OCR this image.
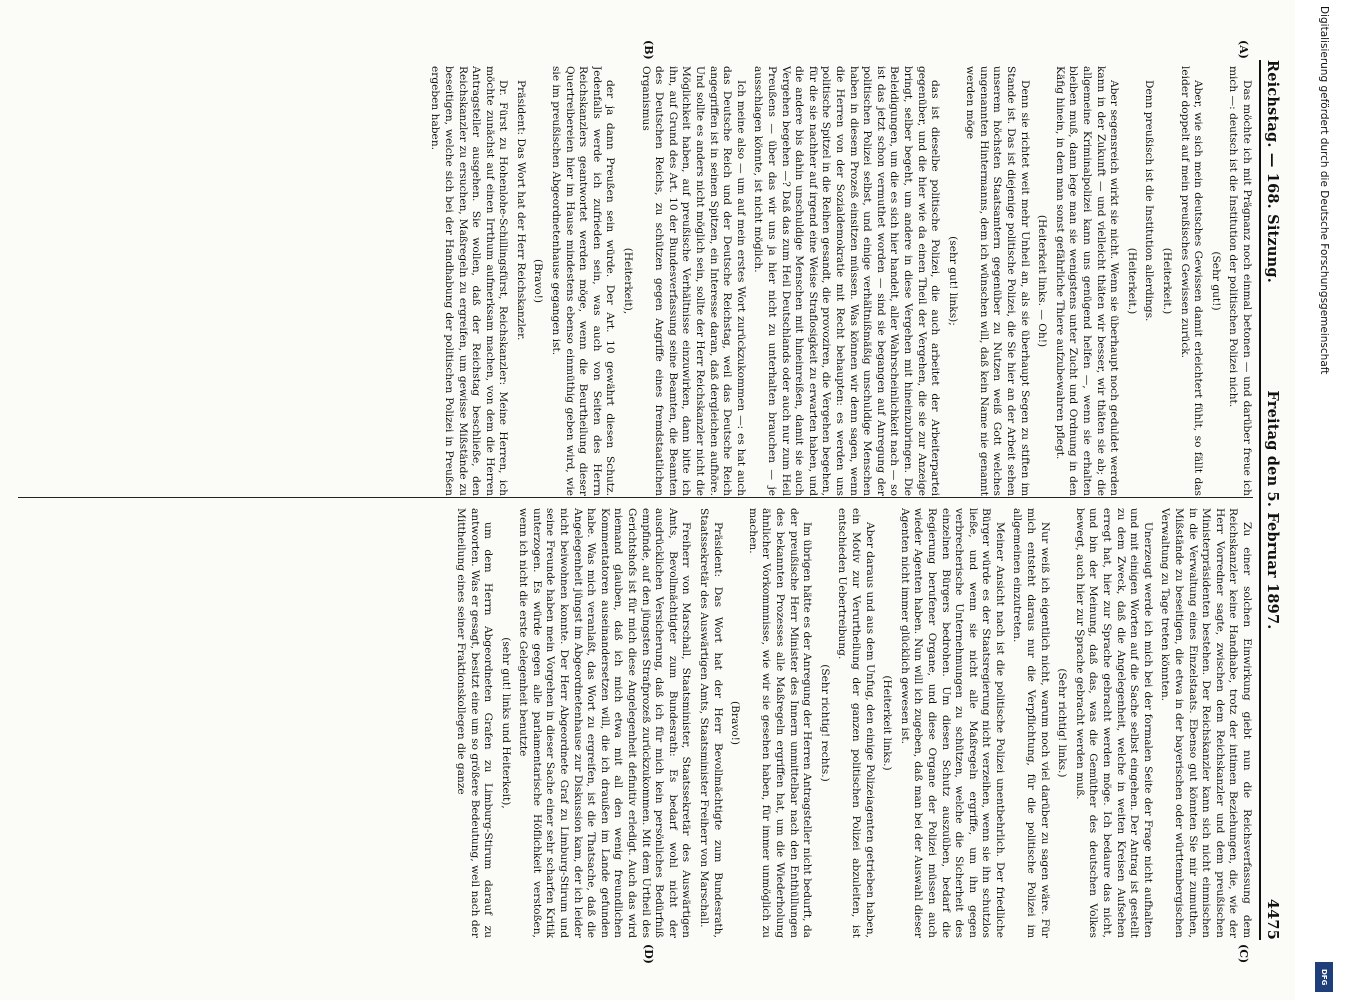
Reichstag. — 168. Sitzung.
Freitag den 5. Februar 1897.
4475
(A)
(B)
(C)
(D)

Das möchte ich mit Prägnanz noch einmal betonen — und darüber freue ich mich —: deutsch ist die Institution der politischen Polizei nicht.

(Sehr gut!)

Aber, wie sich mein deutsches Gewissen damit erleichtert fühlt, so fällt das leider doppelt auf mein preußisches Gewissen zurück.

(Heiterkeit.)

Denn preußisch ist die Institution allerdings.

(Heiterkeit.)

Aber segensreich wirkt sie nicht. Wenn sie überhaupt noch geduldet werden kann in der Zukunft — und vielleicht thäten wir besser, wir thäten sie ab; die allgemeine Kriminalpolizei kann uns genügend helfen —, wenn sie erhalten bleiben muß, dann lege man sie wenigstens unter Zucht und Ordnung in den Käfig hinein, in dem man sonst gefährliche Thiere aufzubewahren pflegt.

(Heiterkeit links. — Oh!)

Denn sie richtet weit mehr Unheil an, als sie überhaupt Segen zu stiften im Stande ist. Das ist diejenige politische Polizei, die Sie hier an der Arbeit sehen unserem höchsten Staatsamtern gegenüber zu Nutzen weiß Gott welches ungenannten Hintermanns, dem ich wünschen will, daß kein Name nie genannt werden möge

(sehr gut! links);

das ist dieselbe politische Polizei, die auch arbeitet der Arbeiterpartei gegenüber, und die hier wie da einen Theil der Vergehen, die sie zur Anzeige bringt, selber begeht, um andere in diese Vergehen mit hineinzubringen. Die Beleidigungen, um die es sich hier handelt, aller Wahrscheinlichkeit nach — so ist das jetzt schon vermuthet worden — sind sie begangen auf Anregung der politischen Polizei selbst, und einige verhältnißmäßig unschuldige Menschen haben in diesem Prozeß einsitzen müssen. Was können wir denn sagen, wenn die Herren von der Sozialdemokratie mit Recht behaupten: es werden uns politische Spitzel in die Reihen gesandt, die provoziren, die Vergehen begehen, für die sie nachher auf irgend eine Weise Straflosigkeit zu erwarten haben, und die andere bis dahin unschuldige Menschen mit hineinreißen, damit sie auch Vergehen begehen —? Daß das zum Heil Deutschlands oder auch nur zum Heil Preußens — über das wir uns ja hier nicht zu unterhalten brauchen — je ausschlagen könnte, ist nicht möglich.

Ich meine also — um auf mein erstes Wort zurückzukommen —: es hat auch das Deutsche Reich und der Deutsche Reichstag, weil das Deutsche Reich angegriffen ist in seinen Spitzen, ein Interesse daran, daß dergleichen aufhöre. Und sollte es anders nicht möglich sein, sollte der Herr Reichskanzler nicht die Möglichkeit haben, auf preußische Verhältnisse einzuwirken, dann bitte ich ihn, auf Grund des Art. 10 der Bundesverfassung seine Beamten, die Beamten des Deutschen Reichs, zu schützen gegen Angriffe eines fremdstaatlichen Organismus

(Heiterkeit),

der ja dann Preußen sein würde. Der Art. 10 gewährt diesen Schutz. Jedenfalls werde ich zufrieden sein, was auch von Seiten des Herrn Reichskanzlers geantwortet werden möge, wenn die Beurtheilung dieser Quertreibereien hier im Hause mindestens ebenso einmüthig geben wird, wie sie im preußischen Abgeordnetenhause gegangen ist.

(Bravo!)

Präsident: Das Wort hat der Herr Reichskanzler.

Dr. Fürst zu Hohenlohe-Schillingsfürst, Reichskanzler: Meine Herren, ich möchte zunächst auf einen Irrthum aufmerksam machen, von dem die Herren Antragsteller ausgehen. Sie wollen, daß der Reichstag beschließe, den Reichskanzler zu ersuchen, Maßregeln zu ergreifen, um gewisse Mißstände zu beseitigen, welche sich bei der Handhabung der politischen Polizei in Preußen ergeben haben.

Zu einer solchen Einwirkung giebt nun die Reichsverfassung dem Reichskanzler keine Handhabe, trotz der intimen Beziehungen, die, wie der Herr Vorredner sagte, zwischen dem Reichskanzler und dem preußischen Ministerpräsidenten bestehen. Der Reichskanzler kann sich nicht einmischen in die Verwaltung eines Einzelstaats. Ebenso gut könnten Sie mir zumuthen, Mißstände zu beseitigen, die etwa in der bayerischen oder württembergischen Verwaltung zu Tage treten könnten.

Unerzeugt werde ich mich bei der formalen Seite der Frage nicht aufhalten und mit einigen Worten auf die Sache selbst eingehen. Der Antrag ist gestellt zu dem Zweck, daß die Angelegenheit, welche in weiten Kreisen Aufsehen erregt hat, hier zur Sprache gebracht werden möge. Ich bedaure das nicht, und bin der Meinung, daß das, was die Gemüther des deutschen Volkes bewegt, auch hier zur Sprache gebracht werden muß.

(Sehr richtig! links.)

Nur weiß ich eigentlich nicht, warum noch viel darüber zu sagen wäre. Für mich entsteht daraus nur die Verpflichtung, für die politische Polizei im allgemeinen einzutreten.

Meiner Ansicht nach ist die politische Polizei unentbehrlich. Der friedliche Bürger würde es der Staatsregierung nicht verzeihen, wenn sie ihn schutzlos ließe, und wenn sie nicht alle Maßregeln ergriffe, um ihn gegen verbrecherische Unternehmungen zu schützen, welche die Sicherheit des einzelnen Bürgers bedrohen. Um diesen Schutz auszuüben, bedarf die Regierung berufener Organe, und diese Organe der Polizei müssen auch wieder Agenten haben. Nun will ich zugeben, daß man bei der Auswahl dieser Agenten nicht immer glücklich gewesen ist.

(Heiterkeit links.)

Aber daraus und aus dem Unfug, den einige Polizeiagenten getrieben haben, ein Motiv zur Verurtheilung der ganzen politischen Polizei abzuleiten, ist entschieden Uebertreibung.

(Sehr richtig! rechts.)

Im übrigen hätte es der Anregung der Herren Antragsteller nicht bedurft, da der preußische Herr Minister des Innern unmittelbar nach den Enthüllungen des bekannten Prozesses alle Maßregeln ergriffen hat, um die Wiederholung ähnlicher Vorkommnisse, wie wir sie gesehen haben, für immer unmöglich zu machen.

(Bravo!)

Präsident: Das Wort hat der Herr Bevollmächtigte zum Bundesrath, Staatssekretär des Auswärtigen Amts, Staatsminister Freiherr von Marschall.

Freiherr von Marschall, Staatsminister, Staatssekretär des Auswärtigen Amts, Bevollmächtigter zum Bundesrath: Es bedarf wohl nicht der ausdrücklichen Versicherung, daß ich für mich kein persönliches Bedürfniß empfinde, auf den jüngsten Strafprozeß zurückzukommen. Mit dem Urtheil des Gerichtshofs ist für mich diese Angelegenheit definitiv erledigt. Auch das wird niemand glauben, daß ich mich etwa mit all den wenig freundlichen Kommentatoren auseinandersetzen will, die ich draußen im Lande gefunden habe. Was mich veranlaßt, das Wort zu ergreifen, ist die Thatsache, daß die Angelegenheit jüngst im Abgeordnetenhause zur Diskussion kam, der ich leider nicht beiwohnen konnte. Der Herr Abgeordnete Graf zu Limburg-Stirum und seine Freunde haben mein Vorgehen in dieser Sache einer sehr scharfen Kritik unterzogen. Es würde gegen alle parlamentarische Höflichkeit verstoßen, wenn ich nicht die erste Gelegenheit benutzte

(sehr gut! links und Heiterkeit),

um dem Herrn Abgeordneten Grafen zu Limburg-Stirum darauf zu antworten. Was er gesagt, besitzt eine um so größere Bedeutung, weil nach der Mittheilung eines seiner Fraktionskollegen die ganze

Digitalisierung gefördert durch die Deutsche Forschungsgemeinschaft
DFG
